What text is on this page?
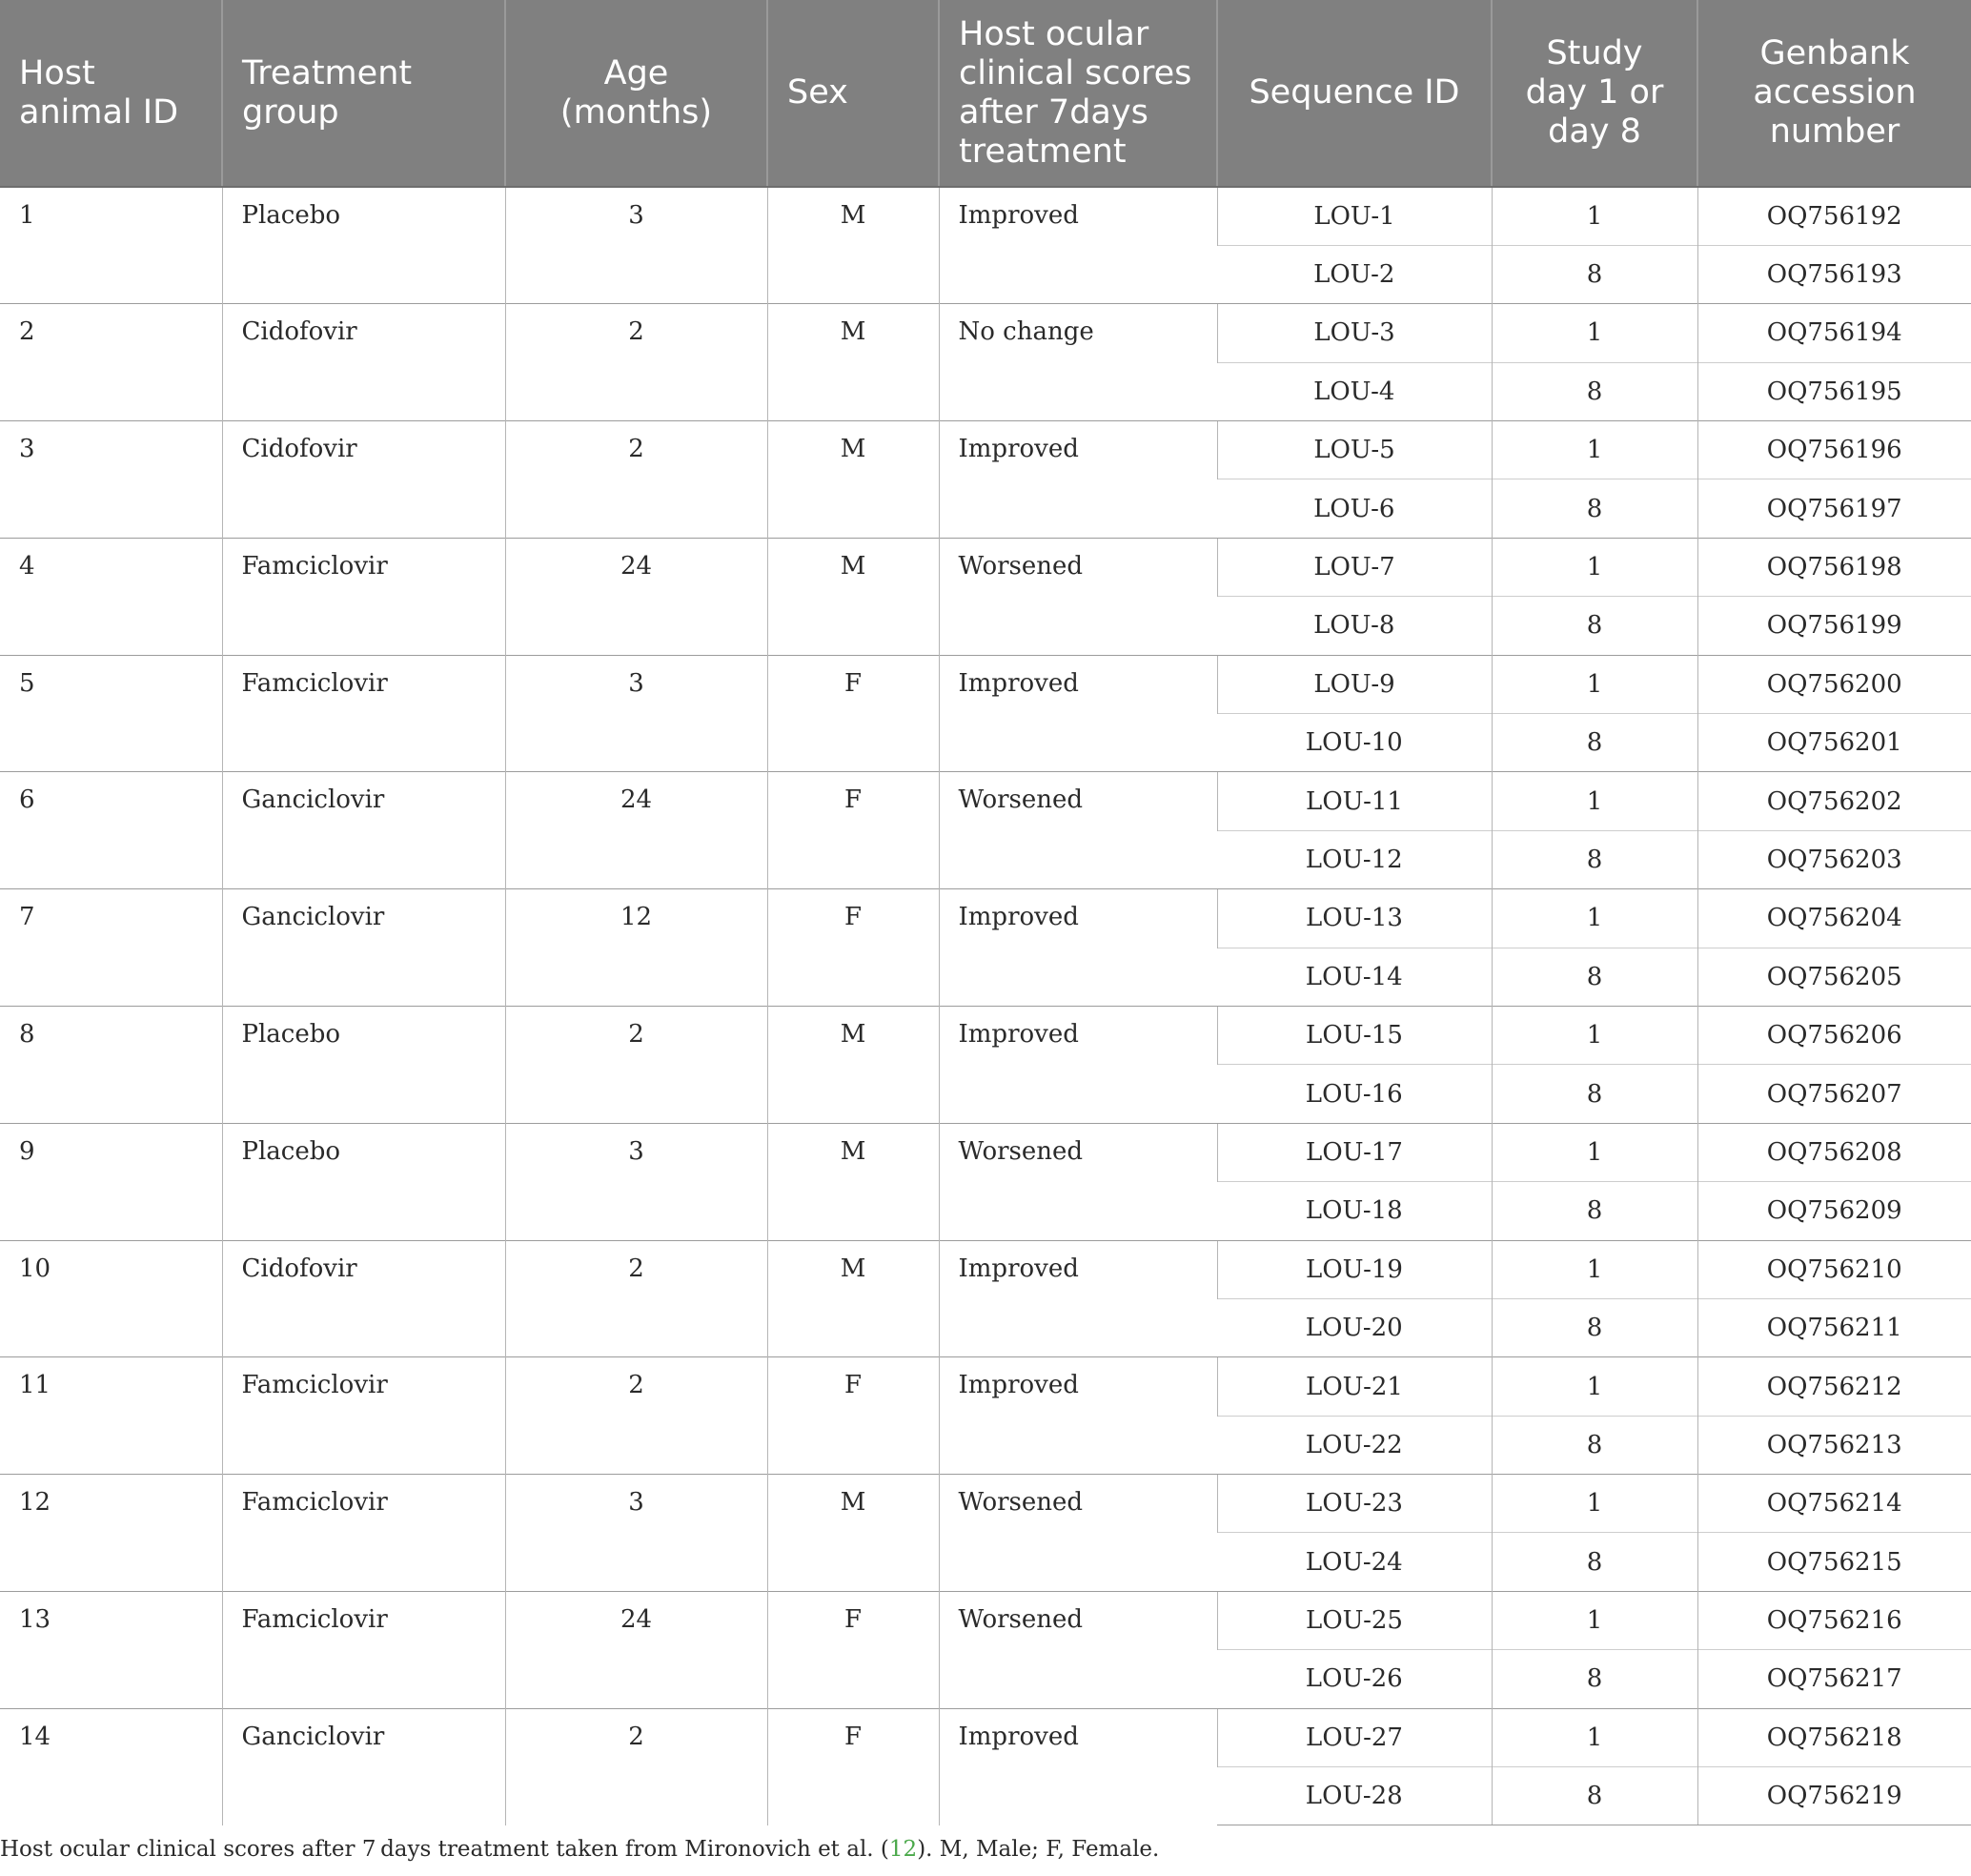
Host animal ID	Treatment group	Age (months)	Sex	Host ocular clinical scores after 7days treatment	Sequence ID	Study day 1 or day 8	Genbank accession number
1	Placebo	3	M	Improved	LOU-1	1	OQ756192
					LOU-2	8	OQ756193
2	Cidofovir	2	M	No change	LOU-3	1	OQ756194
					LOU-4	8	OQ756195
3	Cidofovir	2	M	Improved	LOU-5	1	OQ756196
					LOU-6	8	OQ756197
4	Famciclovir	24	M	Worsened	LOU-7	1	OQ756198
					LOU-8	8	OQ756199
5	Famciclovir	3	F	Improved	LOU-9	1	OQ756200
					LOU-10	8	OQ756201
6	Ganciclovir	24	F	Worsened	LOU-11	1	OQ756202
					LOU-12	8	OQ756203
7	Ganciclovir	12	F	Improved	LOU-13	1	OQ756204
					LOU-14	8	OQ756205
8	Placebo	2	M	Improved	LOU-15	1	OQ756206
					LOU-16	8	OQ756207
9	Placebo	3	M	Worsened	LOU-17	1	OQ756208
					LOU-18	8	OQ756209
10	Cidofovir	2	M	Improved	LOU-19	1	OQ756210
					LOU-20	8	OQ756211
11	Famciclovir	2	F	Improved	LOU-21	1	OQ756212
					LOU-22	8	OQ756213
12	Famciclovir	3	M	Worsened	LOU-23	1	OQ756214
					LOU-24	8	OQ756215
13	Famciclovir	24	F	Worsened	LOU-25	1	OQ756216
					LOU-26	8	OQ756217
14	Ganciclovir	2	F	Improved	LOU-27	1	OQ756218
					LOU-28	8	OQ756219
Host ocular clinical scores after 7 days treatment taken from Mironovich et al. (12). M, Male; F, Female.
